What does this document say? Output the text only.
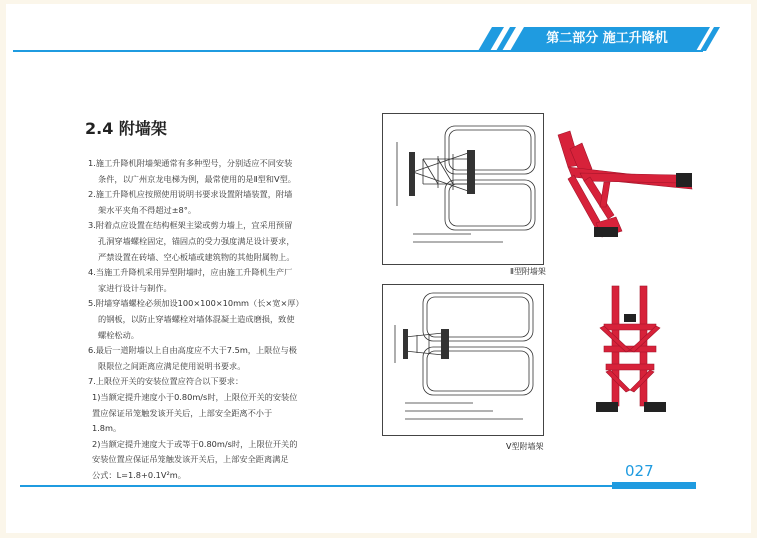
第二部分 施工升降机
2.4 附墙架

1.施工升降机附墙架通常有多种型号，分别适应不同安装

条件，以广州京龙电梯为例，最常使用的是Ⅱ型和V型。

2.施工升降机应按照使用说明书要求设置附墙装置，附墙

架水平夹角不得超过±8°。

3.附着点应设置在结构框架主梁或剪力墙上，宜采用预留

孔洞穿墙螺栓固定，锚固点的受力强度满足设计要求，

严禁设置在砖墙、空心板墙或建筑物的其他附属物上。

4.当施工升降机采用异型附墙时，应由施工升降机生产厂

家进行设计与制作。

5.附墙穿墙螺栓必须加设100×100×10mm（长×宽×厚）

的钢板，以防止穿墙螺栓对墙体混凝土造成磨损，致使

螺栓松动。

6.最后一道附墙以上自由高度应不大于7.5m，上限位与极

限限位之间距离应满足使用说明书要求。

7.上限位开关的安装位置应符合以下要求：

1)当额定提升速度小于0.80m/s时，上限位开关的安装位

置应保证吊笼触发该开关后，上部安全距离不小于

1.8m。

2)当额定提升速度大于或等于0.80m/s时，上限位开关的

安装位置应保证吊笼触发该开关后，上部安全距离满足

公式：L=1.8+0.1V²m。

Ⅱ型附墙架
V型附墙架
027
